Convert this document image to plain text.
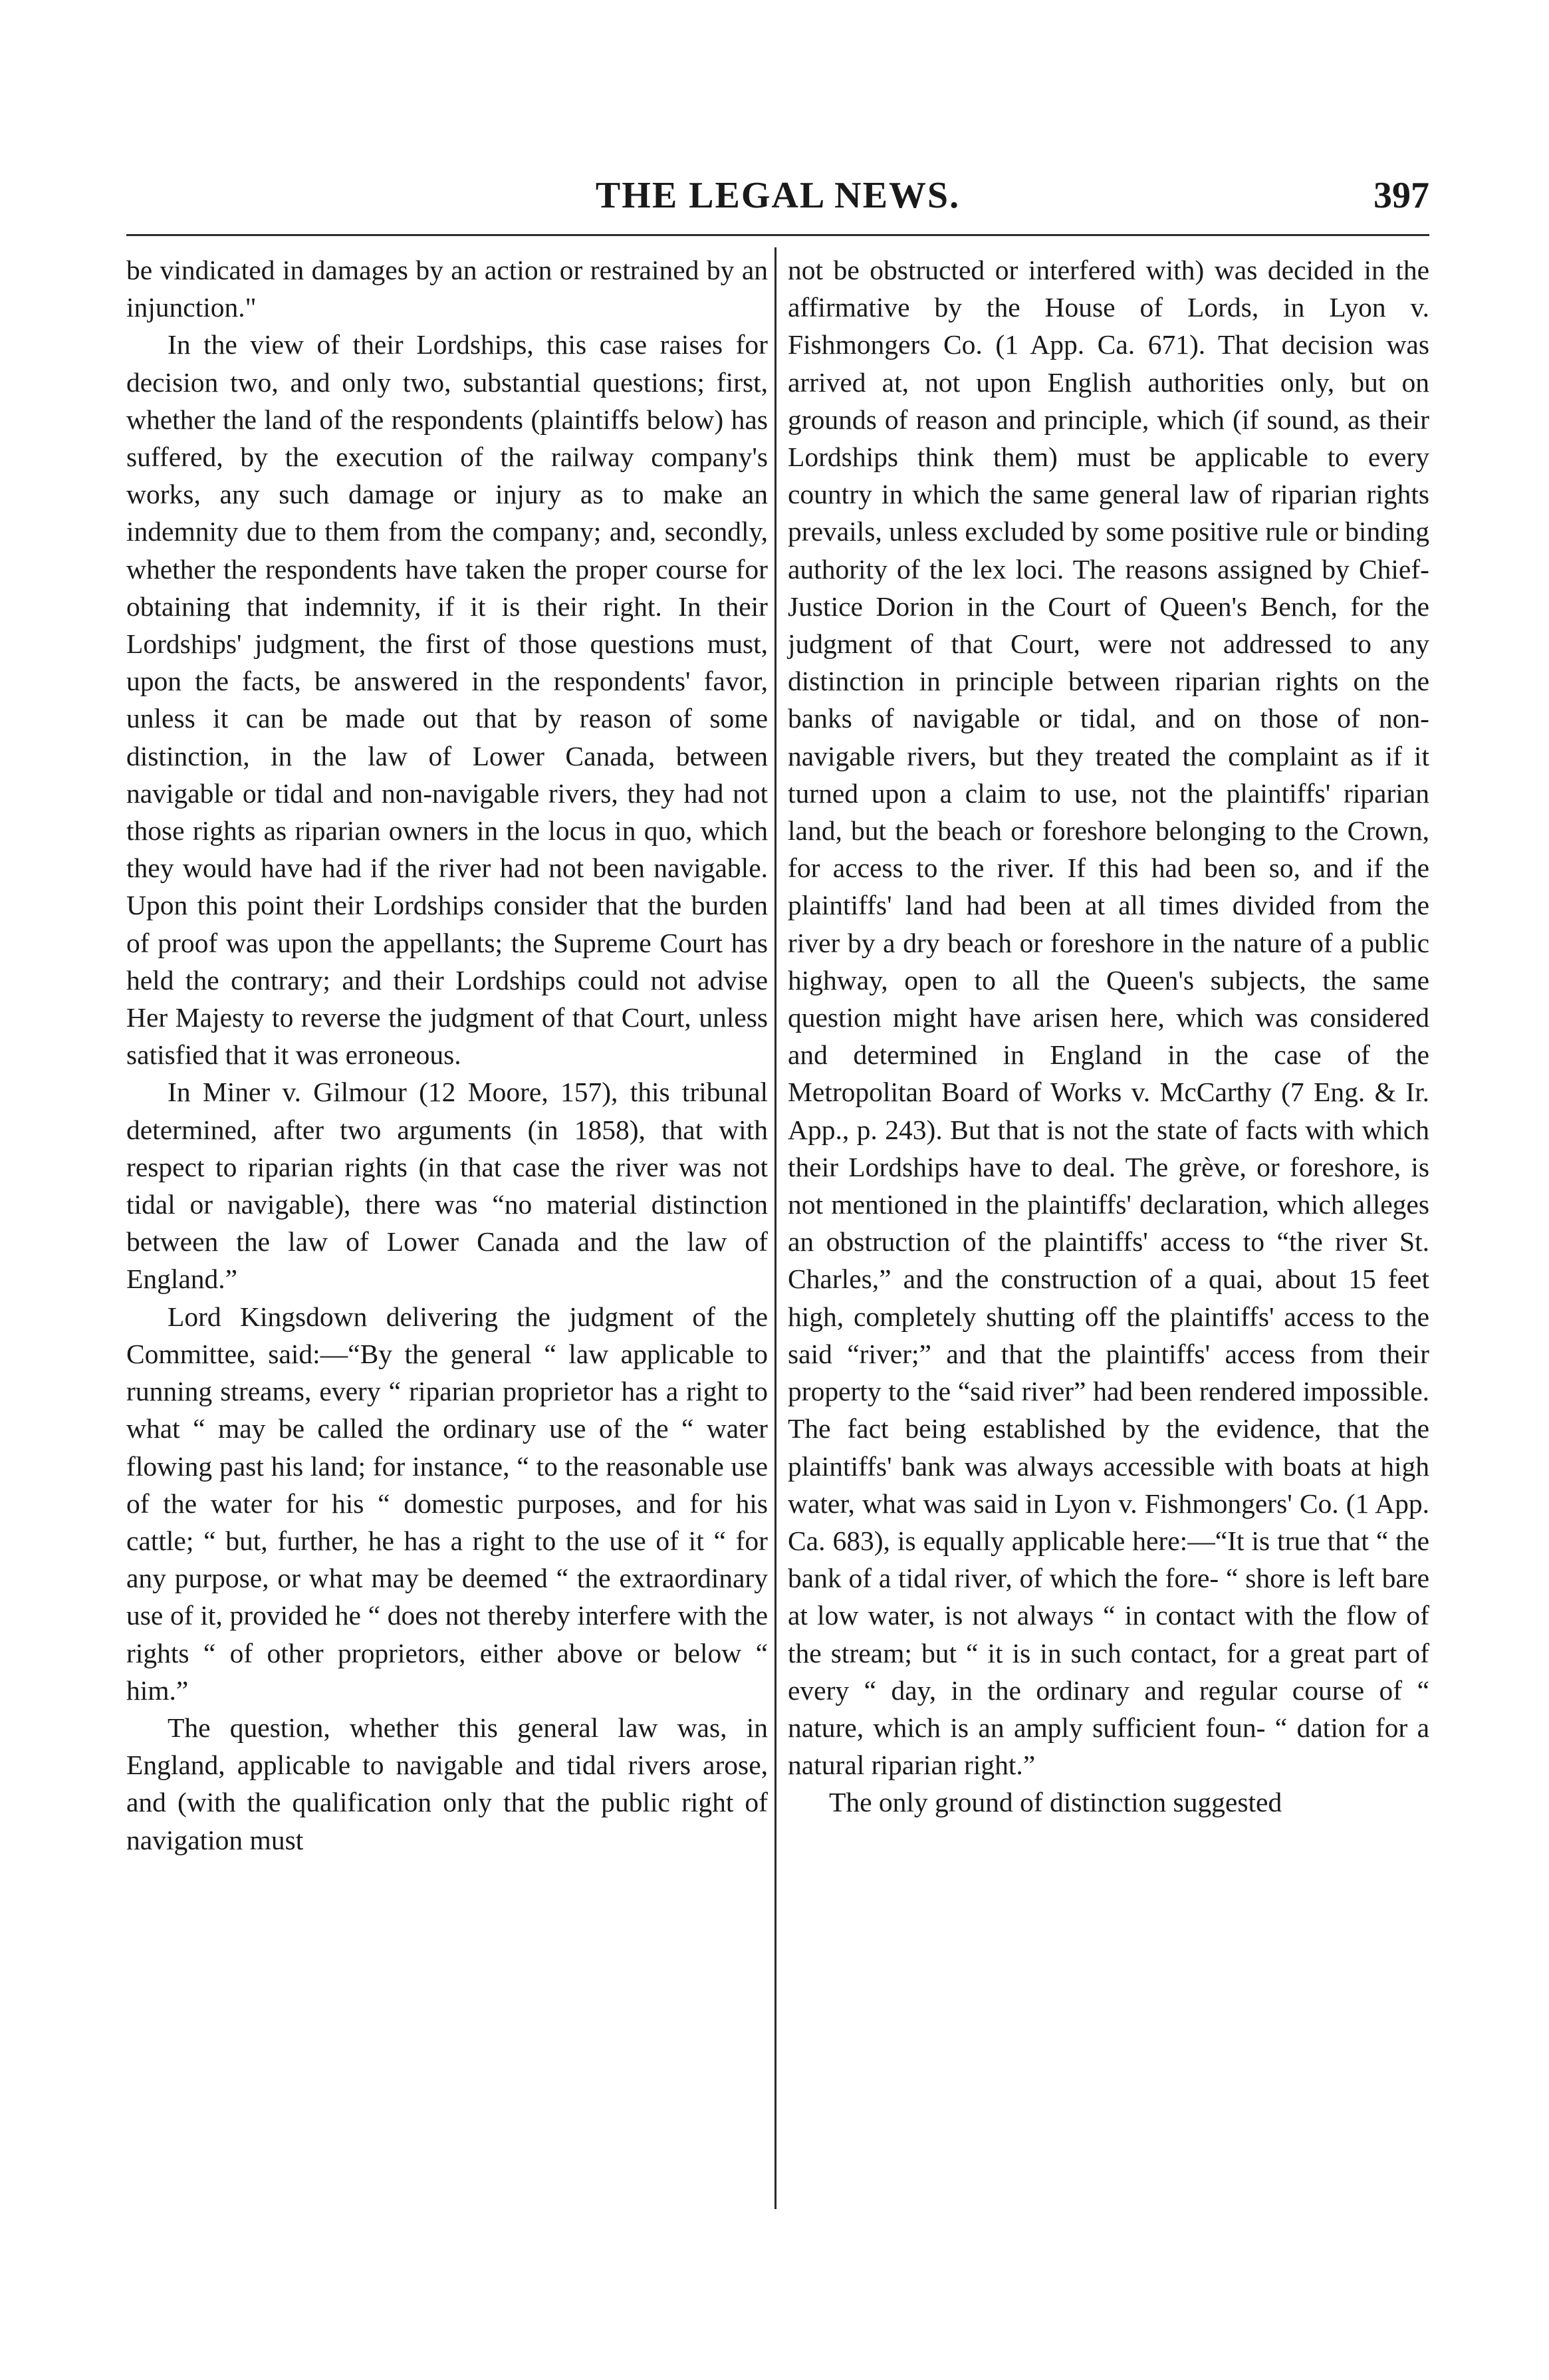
THE LEGAL NEWS.	397

be vindicated in damages by an action or restrained by an injunction."

In the view of their Lordships, this case raises for decision two, and only two, substantial questions; first, whether the land of the respondents (plaintiffs below) has suffered, by the execution of the railway company's works, any such damage or injury as to make an indemnity due to them from the company; and, secondly, whether the respondents have taken the proper course for obtaining that indemnity, if it is their right. In their Lordships' judgment, the first of those questions must, upon the facts, be answered in the respondents' favor, unless it can be made out that by reason of some distinction, in the law of Lower Canada, between navigable or tidal and non-navigable rivers, they had not those rights as riparian owners in the locus in quo, which they would have had if the river had not been navigable. Upon this point their Lordships consider that the burden of proof was upon the appellants; the Supreme Court has held the contrary; and their Lordships could not advise Her Majesty to reverse the judgment of that Court, unless satisfied that it was erroneous.

In Miner v. Gilmour (12 Moore, 157), this tribunal determined, after two arguments (in 1858), that with respect to riparian rights (in that case the river was not tidal or navigable), there was “no material distinction between the law of Lower Canada and the law of England.”

Lord Kingsdown delivering the judgment of the Committee, said:—“By the general “ law applicable to running streams, every “ riparian proprietor has a right to what “ may be called the ordinary use of the “ water flowing past his land; for instance, “ to the reasonable use of the water for his “ domestic purposes, and for his cattle; “ but, further, he has a right to the use of it “ for any purpose, or what may be deemed “ the extraordinary use of it, provided he “ does not thereby interfere with the rights “ of other proprietors, either above or below “ him.”

The question, whether this general law was, in England, applicable to navigable and tidal rivers arose, and (with the qualification only that the public right of navigation must

not be obstructed or interfered with) was decided in the affirmative by the House of Lords, in Lyon v. Fishmongers Co. (1 App. Ca. 671). That decision was arrived at, not upon English authorities only, but on grounds of reason and principle, which (if sound, as their Lordships think them) must be applicable to every country in which the same general law of riparian rights prevails, unless excluded by some positive rule or binding authority of the lex loci. The reasons assigned by Chief-Justice Dorion in the Court of Queen's Bench, for the judgment of that Court, were not addressed to any distinction in principle between riparian rights on the banks of navigable or tidal, and on those of non-navigable rivers, but they treated the complaint as if it turned upon a claim to use, not the plaintiffs' riparian land, but the beach or foreshore belonging to the Crown, for access to the river. If this had been so, and if the plaintiffs' land had been at all times divided from the river by a dry beach or foreshore in the nature of a public highway, open to all the Queen's subjects, the same question might have arisen here, which was considered and determined in England in the case of the Metropolitan Board of Works v. McCarthy (7 Eng. & Ir. App., p. 243). But that is not the state of facts with which their Lordships have to deal. The grève, or foreshore, is not mentioned in the plaintiffs' declaration, which alleges an obstruction of the plaintiffs' access to “the river St. Charles,” and the construction of a quai, about 15 feet high, completely shutting off the plaintiffs' access to the said “river;” and that the plaintiffs' access from their property to the “said river” had been rendered impossible. The fact being established by the evidence, that the plaintiffs' bank was always accessible with boats at high water, what was said in Lyon v. Fishmongers' Co. (1 App. Ca. 683), is equally applicable here:—“It is true that “ the bank of a tidal river, of which the fore- “ shore is left bare at low water, is not always “ in contact with the flow of the stream; but “ it is in such contact, for a great part of every “ day, in the ordinary and regular course of “ nature, which is an amply sufficient foun- “ dation for a natural riparian right.”

The only ground of distinction suggested
